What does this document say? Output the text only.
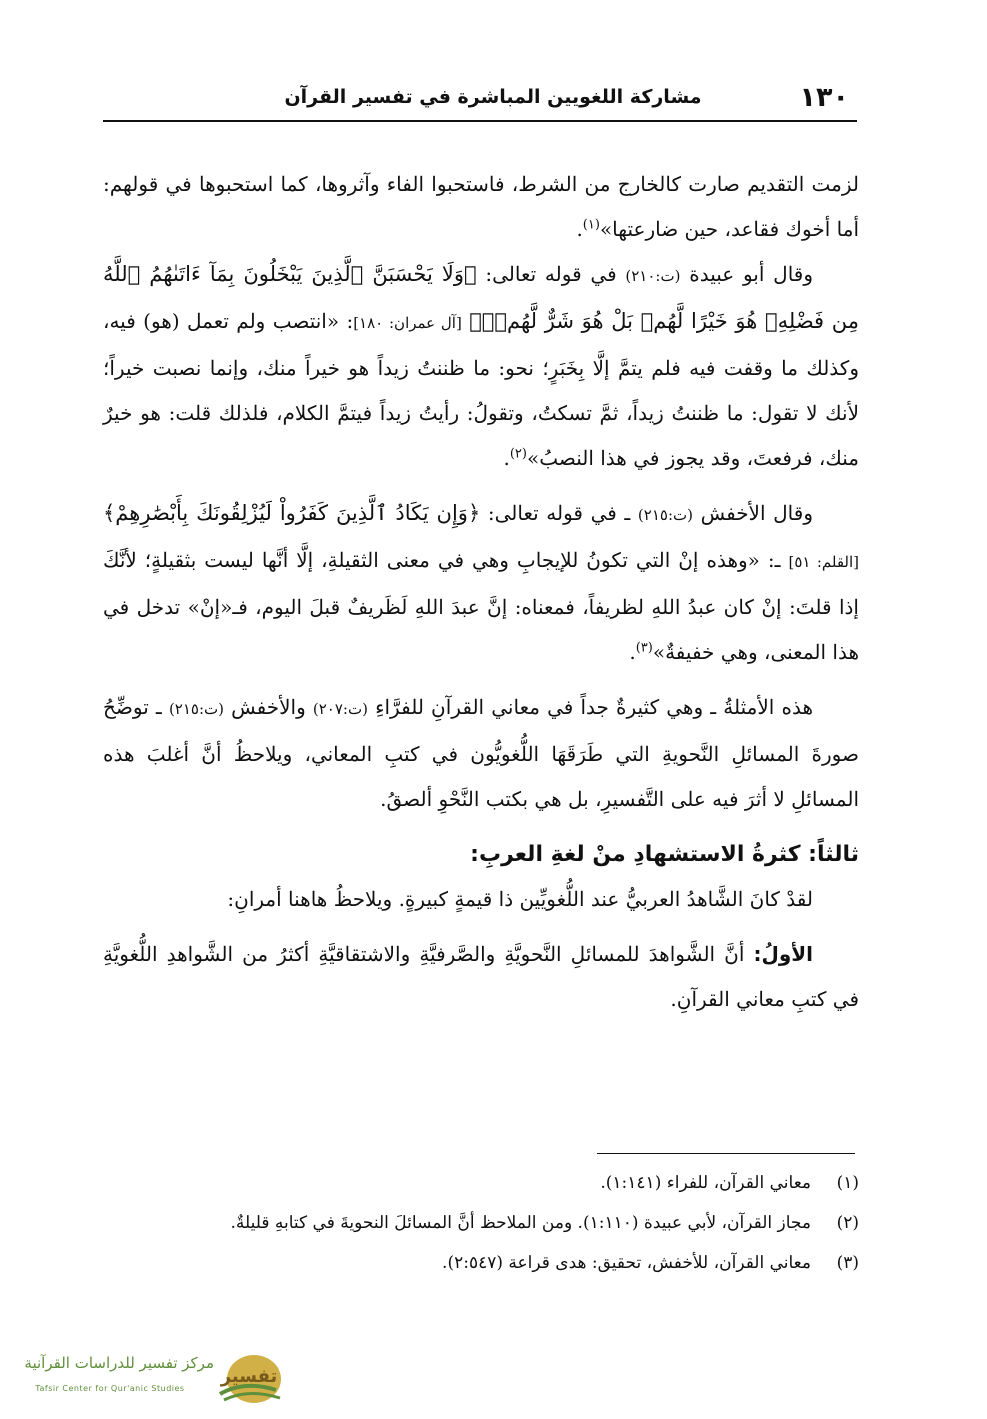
١٣٠
مشاركة اللغويين المباشرة في تفسير القرآن

لزمت التقديم صارت كالخارج من الشرط، فاستحبوا الفاء وآثروها، كما استحبوها في قولهم: أما أخوك فقاعد، حين ضارعتها»$^{(١)}$.

وقال أبو عبيدة (ت:٢١٠) في قوله تعالى: ﴿وَلَا يَحْسَبَنَّ ٱلَّذِينَ يَبْخَلُونَ بِمَآ ءَاتَىٰهُمُ ٱللَّهُ مِن فَضْلِهِۦ هُوَ خَيْرًا لَّهُمۖ بَلْ هُوَ شَرٌّ لَّهُمۡۖ﴾ [آل عمران: ١٨٠]: «انتصب ولم تعمل (هو) فيه، وكذلك ما وقفت فيه فلم يتمَّ إلَّا بِخَبَرٍ؛ نحو: ما ظننتُ زيداً هو خيراً منك، وإنما نصبت خيراً؛ لأنك لا تقول: ما ظننتُ زيداً، ثمَّ تسكتُ، وتقولُ: رأيتُ زيداً فيتمَّ الكلام، فلذلك قلت: هو خيرٌ منك، فرفعتَ، وقد يجوز في هذا النصبُ»$^{(٢)}$.

وقال الأخفش (ت:٢١٥) ـ في قوله تعالى: ﴿وَإِن يَكَادُ ٱلَّذِينَ كَفَرُواْ لَيُزْلِقُونَكَ بِأَبْصَٰرِهِمْ﴾ [القلم: ٥١] ـ: «وهذه إنْ التي تكونُ للإيجابِ وهي في معنى الثقيلةِ، إلَّا أنَّها ليست بثقيلةٍ؛ لأنَّكَ إذا قلتَ: إنْ كان عبدُ اللهِ لظريفاً، فمعناه: إنَّ عبدَ اللهِ لَظَريفٌ قبلَ اليوم، فـ«إنْ» تدخل في هذا المعنى، وهي خفيفةٌ»$^{(٣)}$.

هذه الأمثلةُ ـ وهي كثيرةٌ جداً في معاني القرآنِ للفرَّاءِ (ت:٢٠٧) والأخفش (ت:٢١٥) ـ توضِّحُ صورةَ المسائلِ النَّحويةِ التي طَرَقَهَا اللُّغويُّون في كتبِ المعاني، ويلاحظُ أنَّ أغلبَ هذه المسائلِ لا أثرَ فيه على التَّفسيرِ، بل هي بكتب النَّحْوِ ألصقُ.

ثالثاً: كثرةُ الاستشهادِ منْ لغةِ العربِ:

لقدْ كانَ الشَّاهدُ العربيُّ عند اللُّغويِّين ذا قيمةٍ كبيرةٍ. ويلاحظُ هاهنا أمرانِ:

الأولُ: أنَّ الشَّواهدَ للمسائلِ النَّحويَّةِ والصَّرفيَّةِ والاشتقاقيَّةِ أكثرُ من الشَّواهدِ اللُّغويَّةِ في كتبِ معاني القرآنِ.

(١)
معاني القرآن، للفراء (١:١٤١).
(٢)
مجاز القرآن، لأبي عبيدة (١:١١٠). ومن الملاحظ أنَّ المسائلَ النحويةَ في كتابهِ قليلةٌ.
(٣)
معاني القرآن، للأخفش، تحقيق: هدى قراعة (٢:٥٤٧).
مركز تفسير للدراسات القرآنية
Tafsir Center for Qur'anic Studies
تفسير
